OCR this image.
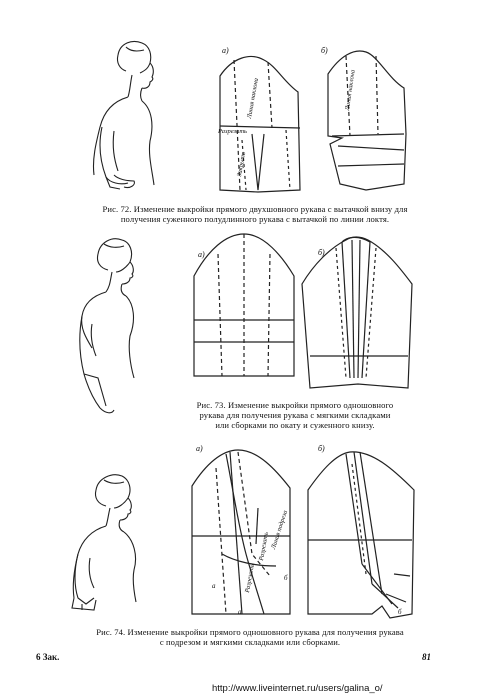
а)	б)
Разрезать
Линия наклона
Закрыть
Линия наклона
Рис. 72. Изменение выкройки прямого двухшовного рукава с вытачкой внизу для
получения суженного полудлинного рукава с вытачкой по линии локтя.
а)	б)
Рис. 73. Изменение выкройки прямого одношовного
рукава для получения рукава с мягкими складками
или сборками по окату и суженного книзу.
а)	б)
Разрезать
Разрезать Линия подреза
а
а
б
б
Рис. 74. Изменение выкройки прямого одношовного рукава для получения рукава
с подрезом и мягкими складками или сборками.
6 Зак.	81
http://www.liveinternet.ru/users/galina_o/
